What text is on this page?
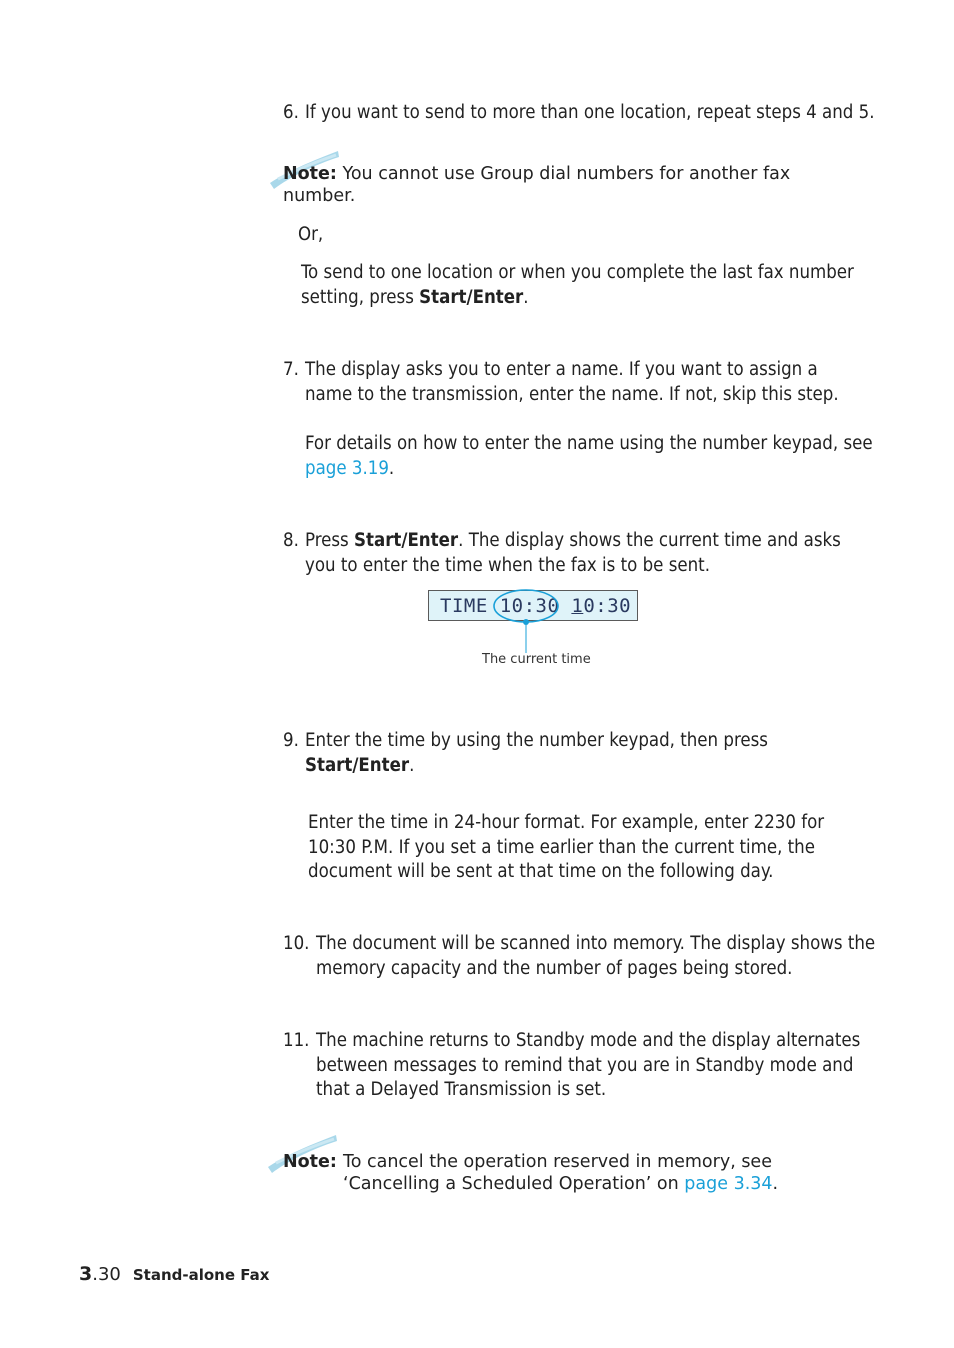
6. If you want to send to more than one location, repeat steps 4 and 5.
Note: You cannot use Group dial numbers for another fax number.
Or,
To send to one location or when you complete the last fax number setting, press Start/Enter.
7. The display asks you to enter a name. If you want to assign a name to the transmission, enter the name. If not, skip this step.
For details on how to enter the name using the number keypad, see page 3.19.
8. Press Start/Enter. The display shows the current time and asks you to enter the time when the fax is to be sent.
TIME 10:30 10:30
The current time
9. Enter the time by using the number keypad, then press Start/Enter.
Enter the time in 24-hour format. For example, enter 2230 for 10:30 P.M. If you set a time earlier than the current time, the document will be sent at that time on the following day.
10. The document will be scanned into memory. The display shows the memory capacity and the number of pages being stored.
11. The machine returns to Standby mode and the display alternates between messages to remind that you are in Standby mode and that a Delayed Transmission is set.
Note: To cancel the operation reserved in memory, see
‘Cancelling a Scheduled Operation’ on page 3.34.
3.30 Stand-alone Fax
